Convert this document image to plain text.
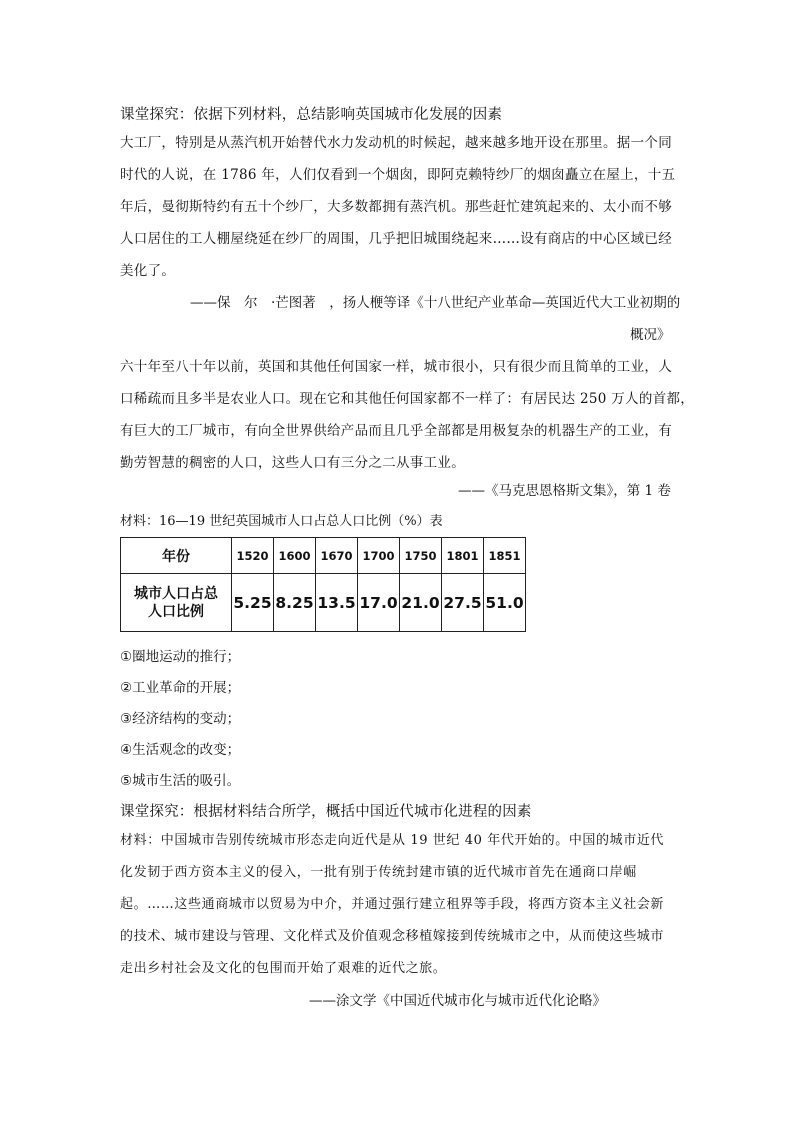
课堂探究：依据下列材料，总结影响英国城市化发展的因素
大工厂，特别是从蒸汽机开始替代水力发动机的时候起，越来越多地开设在那里。据一个同
时代的人说，在 1786 年，人们仅看到一个烟囱，即阿克赖特纱厂的烟囱矗立在屋上，十五
年后，曼彻斯特约有五十个纱厂，大多数都拥有蒸汽机。那些赶忙建筑起来的、太小而不够
人口居住的工人棚屋绕延在纱厂的周围，几乎把旧城围绕起来……设有商店的中心区域已经
美化了。
——保　尔　·芒图著　，扬人楩等译《十八世纪产业革命—英国近代大工业初期的
概况》
六十年至八十年以前，英国和其他任何国家一样，城市很小，只有很少而且简单的工业，人
口稀疏而且多半是农业人口。现在它和其他任何国家都不一样了：有居民达 250 万人的首都，
有巨大的工厂城市，有向全世界供给产品而且几乎全部都是用极复杂的机器生产的工业，有
勤劳智慧的稠密的人口，这些人口有三分之二从事工业。
——《马克思恩格斯文集》，第 1 卷
材料：16—19 世纪英国城市人口占总人口比例（%）表
年份	1520	1600	1670	1700	1750	1801	1851

城市人口占总
人口比例	5.25	8.25	13.5	17.0	21.0	27.5	51.0
①圈地运动的推行；
②工业革命的开展；
③经济结构的变动；
④生活观念的改变；
⑤城市生活的吸引。
课堂探究：根据材料结合所学，概括中国近代城市化进程的因素
材料：中国城市告别传统城市形态走向近代是从 19 世纪 40 年代开始的。中国的城市近代
化发韧于西方资本主义的侵入，一批有别于传统封建市镇的近代城市首先在通商口岸崛
起。……这些通商城市以贸易为中介，并通过强行建立租界等手段，将西方资本主义社会新
的技术、城市建设与管理、文化样式及价值观念移植嫁接到传统城市之中，从而使这些城市
走出乡村社会及文化的包围而开始了艰难的近代之旅。
——涂文学《中国近代城市化与城市近代化论略》
